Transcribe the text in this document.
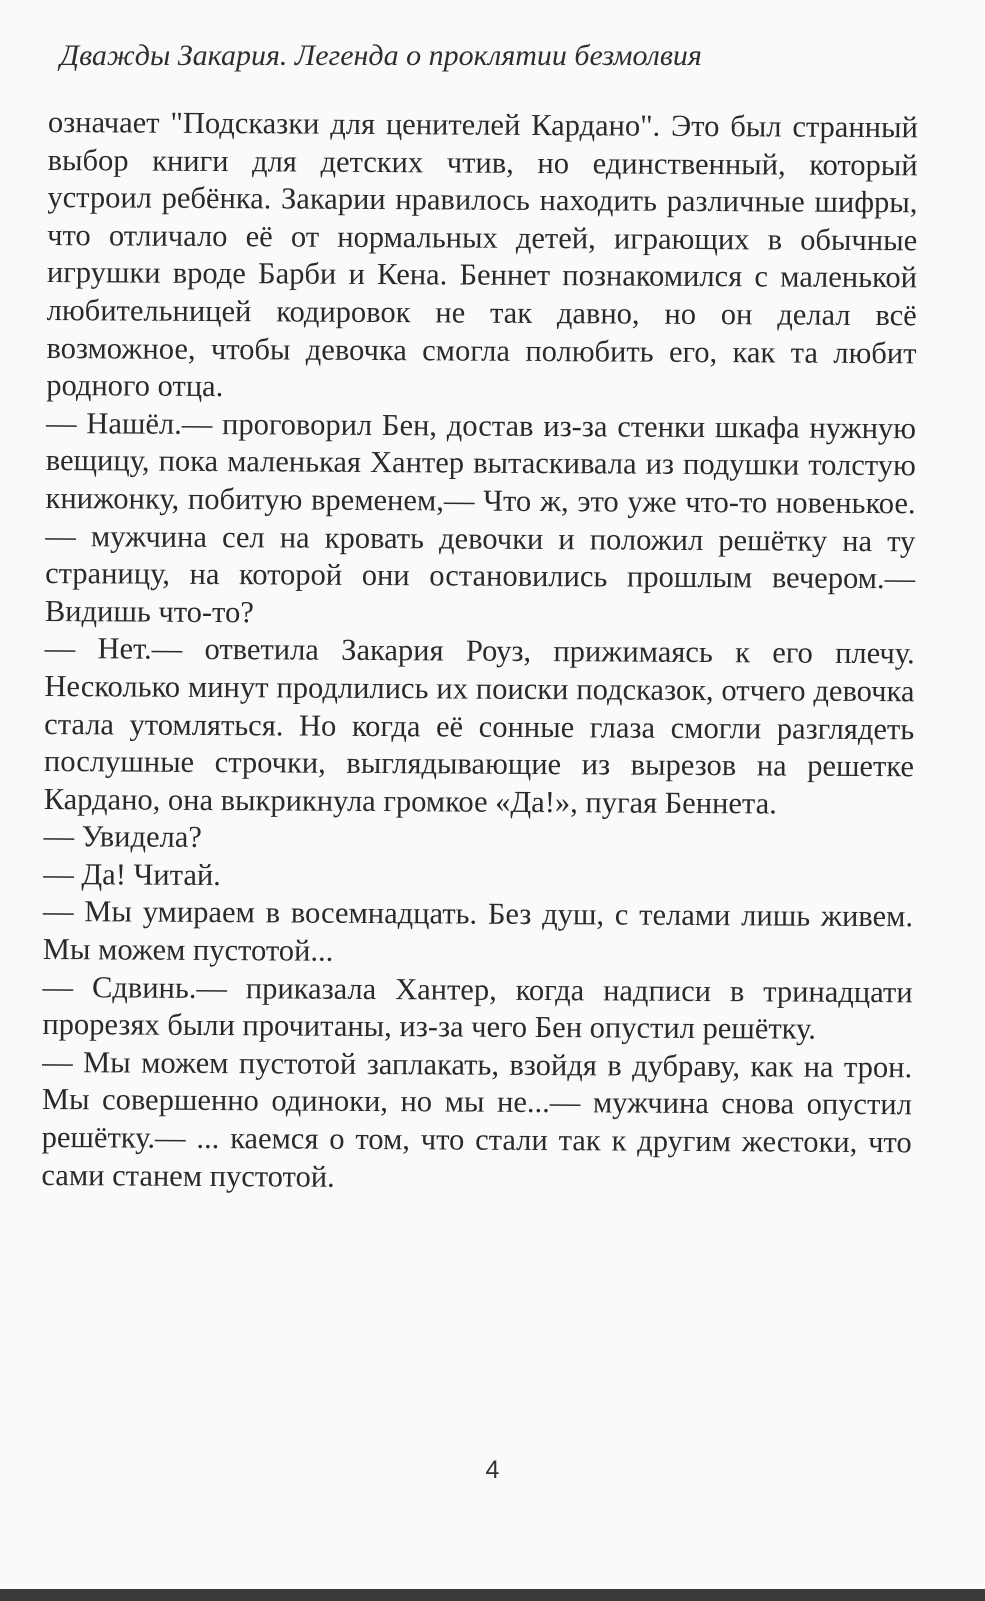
Дважды Закария. Легенда о проклятии безмолвия

означает "Подсказки для ценителей Кардано". Это был странный выбор книги для детских чтив, но единственный, который устроил ребёнка. Закарии нравилось находить различные шифры, что отличало её от нормальных детей, играющих в обычные игрушки вроде Барби и Кена. Беннет познакомился с маленькой любительницей кодировок не так давно, но он делал всё возможное, чтобы девочка смогла полюбить его, как та любит родного отца.

— Нашёл.— проговорил Бен, достав из-за стенки шкафа нужную вещицу, пока маленькая Хантер вытаскивала из подушки толстую книжонку, побитую временем,— Что ж, это уже что-то новенькое.— мужчина сел на кровать девочки и положил решётку на ту страницу, на которой они остановились прошлым вечером.— Видишь что-то?

— Нет.— ответила Закария Роуз, прижимаясь к его плечу. Несколько минут продлились их поиски подсказок, отчего девочка стала утомляться. Но когда её сонные глаза смогли разглядеть послушные строчки, выглядывающие из вырезов на решетке Кардано, она выкрикнула громкое «Да!», пугая Беннета.

— Увидела?

— Да! Читай.

— Мы умираем в восемнадцать. Без душ, с телами лишь живем. Мы можем пустотой...

— Сдвинь.— приказала Хантер, когда надписи в тринадцати прорезях были прочитаны, из-за чего Бен опустил решётку.

— Мы можем пустотой заплакать, взойдя в дубраву, как на трон. Мы совершенно одиноки, но мы не...— мужчина снова опустил решётку.— ... каемся о том, что стали так к другим жестоки, что сами станем пустотой.

4
